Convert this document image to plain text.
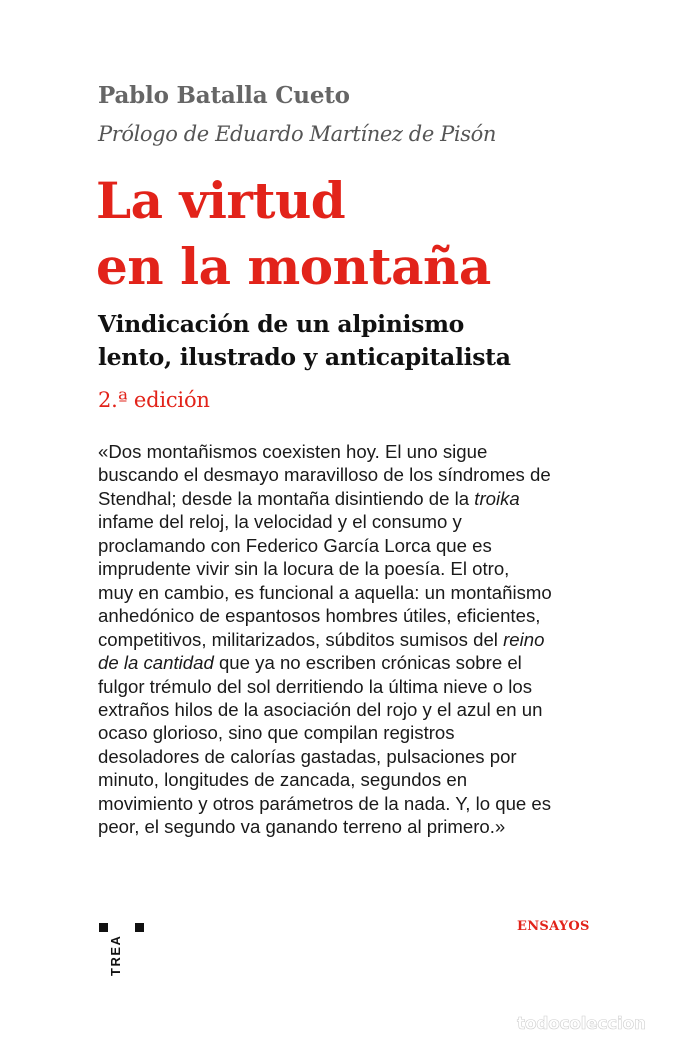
Pablo Batalla Cueto
Prólogo de Eduardo Martínez de Pisón
La virtud
en la montaña
Vindicación de un alpinismo
lento, ilustrado y anticapitalista
2.ª edición
«Dos montañismos coexisten hoy. El uno sigue
buscando el desmayo maravilloso de los síndromes de
Stendhal; desde la montaña disintiendo de la troika
infame del reloj, la velocidad y el consumo y
proclamando con Federico García Lorca que es
imprudente vivir sin la locura de la poesía. El otro,
muy en cambio, es funcional a aquella: un montañismo
anhedónico de espantosos hombres útiles, eficientes,
competitivos, militarizados, súbditos sumisos del reino
de la cantidad que ya no escriben crónicas sobre el
fulgor trémulo del sol derritiendo la última nieve o los
extraños hilos de la asociación del rojo y el azul en un
ocaso glorioso, sino que compilan registros
desoladores de calorías gastadas, pulsaciones por
minuto, longitudes de zancada, segundos en
movimiento y otros parámetros de la nada. Y, lo que es
peor, el segundo va ganando terreno al primero.»
TREA
ENSAYOS
todocoleccion
